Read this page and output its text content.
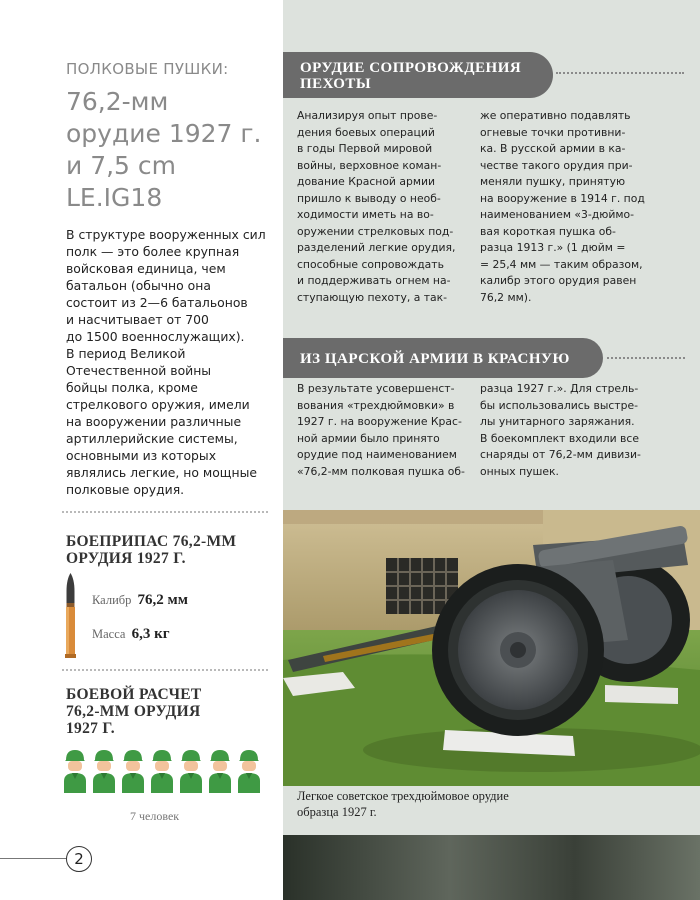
ПОЛКОВЫЕ ПУШКИ:
76,2-мм
орудие 1927 г.
и 7,5 cm
LE.IG18
В структуре вооруженных сил
полк — это более крупная
войсковая единица, чем
батальон (обычно она
состоит из 2—6 батальонов
и насчитывает от 700
до 1500 военнослужащих).
В период Великой
Отечественной войны
бойцы полка, кроме
стрелкового оружия, имели
на вооружении различные
артиллерийские системы,
основными из которых
являлись легкие, но мощные
полковые орудия.
БОЕПРИПАС 76,2-ММ
ОРУДИЯ 1927 Г.
Калибр 76,2 мм
Масса 6,3 кг
БОЕВОЙ РАСЧЕТ
76,2-ММ ОРУДИЯ
1927 Г.
7 человек
2
ОРУДИЕ СОПРОВОЖДЕНИЯ
ПЕХОТЫ
Анализируя опыт прове-
дения боевых операций
в годы Первой мировой
войны, верховное коман-
дование Красной армии
пришло к выводу о необ-
ходимости иметь на во-
оружении стрелковых под-
разделений легкие орудия,
способные сопровождать
и поддерживать огнем на-
ступающую пехоту, а так-
же оперативно подавлять
огневые точки противни-
ка. В русской армии в ка-
честве такого орудия при-
меняли пушку, принятую
на вооружение в 1914 г. под
наименованием «3-дюймо-
вая короткая пушка об-
разца 1913 г.» (1 дюйм =
= 25,4 мм — таким образом,
калибр этого орудия равен
76,2 мм).
ИЗ ЦАРСКОЙ АРМИИ В КРАСНУЮ
В результате усовершенст-
вования «трехдюймовки» в
1927 г. на вооружение Крас-
ной армии было принято
орудие под наименованием
«76,2-мм полковая пушка об-
разца 1927 г.». Для стрель-
бы использовались выстре-
лы унитарного заряжания.
В боекомплект входили все
снаряды от 76,2-мм дивизи-
онных пушек.
Легкое советское трехдюймовое орудие
образца 1927 г.
